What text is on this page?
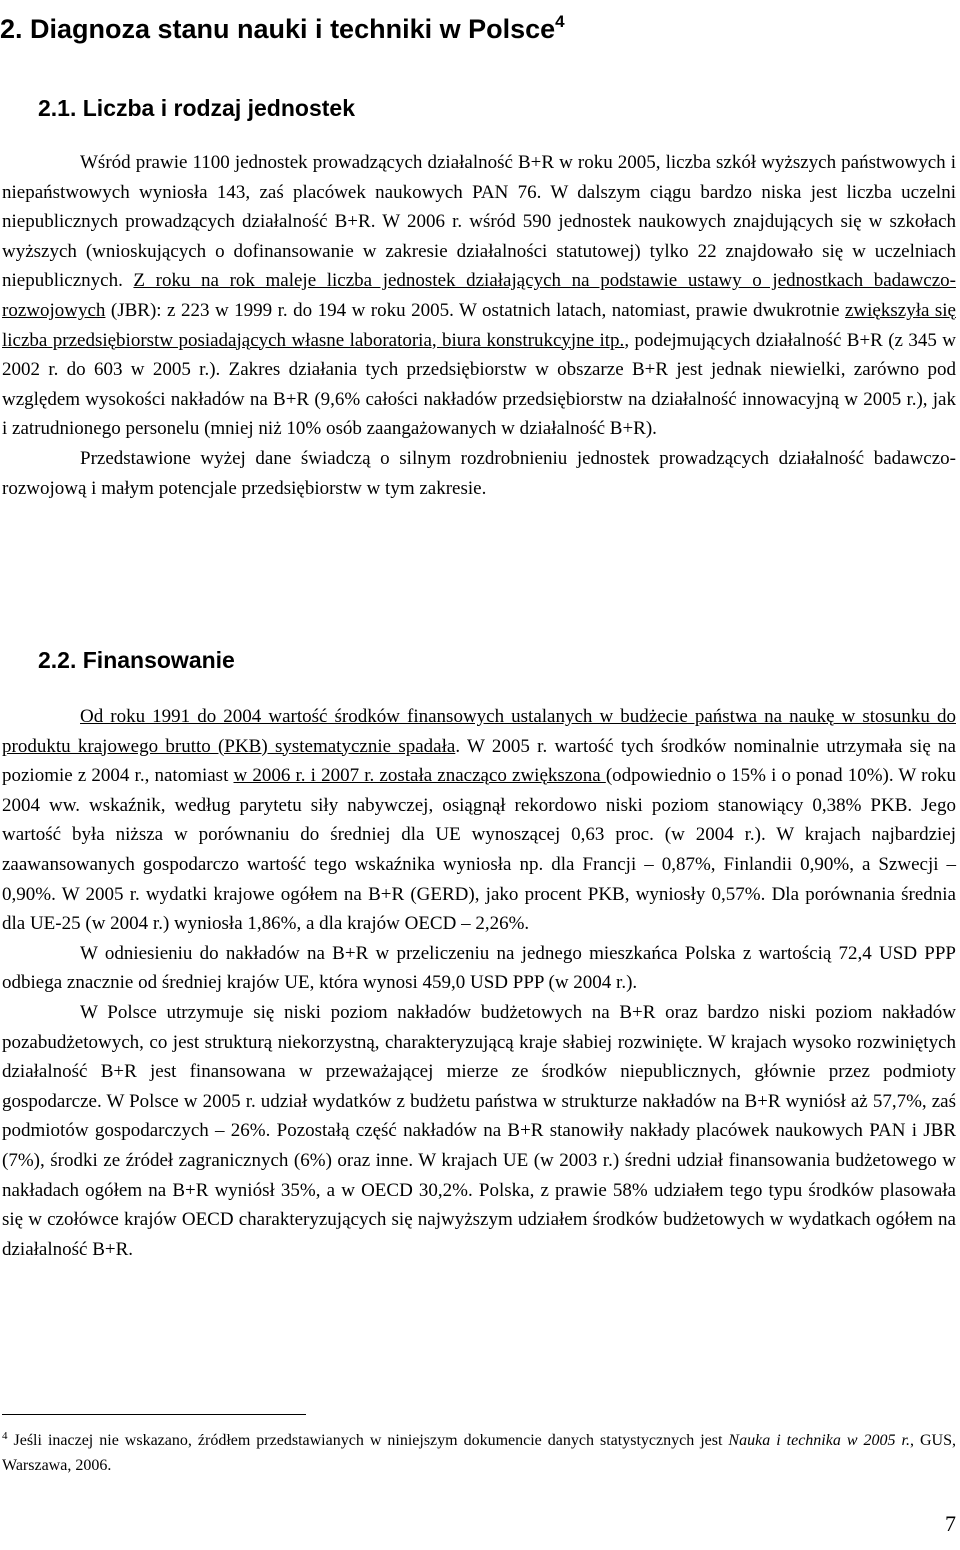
2. Diagnoza stanu nauki i techniki w Polsce$^4$
2.1. Liczba i rodzaj jednostek

Wśród prawie 1100 jednostek prowadzących działalność B+R w roku 2005, liczba szkół wyższych państwowych i niepaństwowych wyniosła 143, zaś placówek naukowych PAN 76. W dalszym ciągu bardzo niska jest liczba uczelni niepublicznych prowadzących działalność B+R. W 2006 r. wśród 590 jednostek naukowych znajdujących się w szkołach wyższych (wnioskujących o dofinansowanie w zakresie działalności statutowej) tylko 22 znajdowało się w uczelniach niepublicznych. Z roku na rok maleje liczba jednostek działających na podstawie ustawy o jednostkach badawczo-rozwojowych (JBR): z 223 w 1999 r. do 194 w roku 2005. W ostatnich latach, natomiast, prawie dwukrotnie zwiększyła się liczba przedsiębiorstw posiadających własne laboratoria, biura konstrukcyjne itp., podejmujących działalność B+R (z 345 w 2002 r. do 603 w 2005 r.). Zakres działania tych przedsiębiorstw w obszarze B+R jest jednak niewielki, zarówno pod względem wysokości nakładów na B+R (9,6% całości nakładów przedsiębiorstw na działalność innowacyjną w 2005 r.), jak i zatrudnionego personelu (mniej niż 10% osób zaangażowanych w działalność B+R).

Przedstawione wyżej dane świadczą o silnym rozdrobnieniu jednostek prowadzących działalność badawczo-rozwojową i małym potencjale przedsiębiorstw w tym zakresie.

2.2. Finansowanie

Od roku 1991 do 2004 wartość środków finansowych ustalanych w budżecie państwa na naukę w stosunku do produktu krajowego brutto (PKB) systematycznie spadała. W 2005 r. wartość tych środków nominalnie utrzymała się na poziomie z 2004 r., natomiast w 2006 r. i 2007 r. została znacząco zwiększona (odpowiednio o 15% i o ponad 10%). W roku 2004 ww. wskaźnik, według parytetu siły nabywczej, osiągnął rekordowo niski poziom stanowiący 0,38% PKB. Jego wartość była niższa w porównaniu do średniej dla UE wynoszącej 0,63 proc. (w 2004 r.). W krajach najbardziej zaawansowanych gospodarczo wartość tego wskaźnika wyniosła np. dla Francji – 0,87%, Finlandii 0,90%, a Szwecji – 0,90%. W 2005 r. wydatki krajowe ogółem na B+R (GERD), jako procent PKB, wyniosły 0,57%. Dla porównania średnia dla UE-25 (w 2004 r.) wyniosła 1,86%, a dla krajów OECD – 2,26%.

W odniesieniu do nakładów na B+R w przeliczeniu na jednego mieszkańca Polska z wartością 72,4 USD PPP odbiega znacznie od średniej krajów UE, która wynosi 459,0 USD PPP (w 2004 r.).

W Polsce utrzymuje się niski poziom nakładów budżetowych na B+R oraz bardzo niski poziom nakładów pozabudżetowych, co jest strukturą niekorzystną, charakteryzującą kraje słabiej rozwinięte. W krajach wysoko rozwiniętych działalność B+R jest finansowana w przeważającej mierze ze środków niepublicznych, głównie przez podmioty gospodarcze. W Polsce w 2005 r. udział wydatków z budżetu państwa w strukturze nakładów na B+R wyniósł aż 57,7%, zaś podmiotów gospodarczych – 26%. Pozostałą część nakładów na B+R stanowiły nakłady placówek naukowych PAN i JBR (7%), środki ze źródeł zagranicznych (6%) oraz inne. W krajach UE (w 2003 r.) średni udział finansowania budżetowego w nakładach ogółem na B+R wyniósł 35%, a w OECD 30,2%. Polska, z prawie 58% udziałem tego typu środków plasowała się w czołówce krajów OECD charakteryzujących się najwyższym udziałem środków budżetowych w wydatkach ogółem na działalność B+R.

$^4$ Jeśli inaczej nie wskazano, źródłem przedstawianych w niniejszym dokumencie danych statystycznych jest Nauka i technika w 2005 r., GUS, Warszawa, 2006.

7
